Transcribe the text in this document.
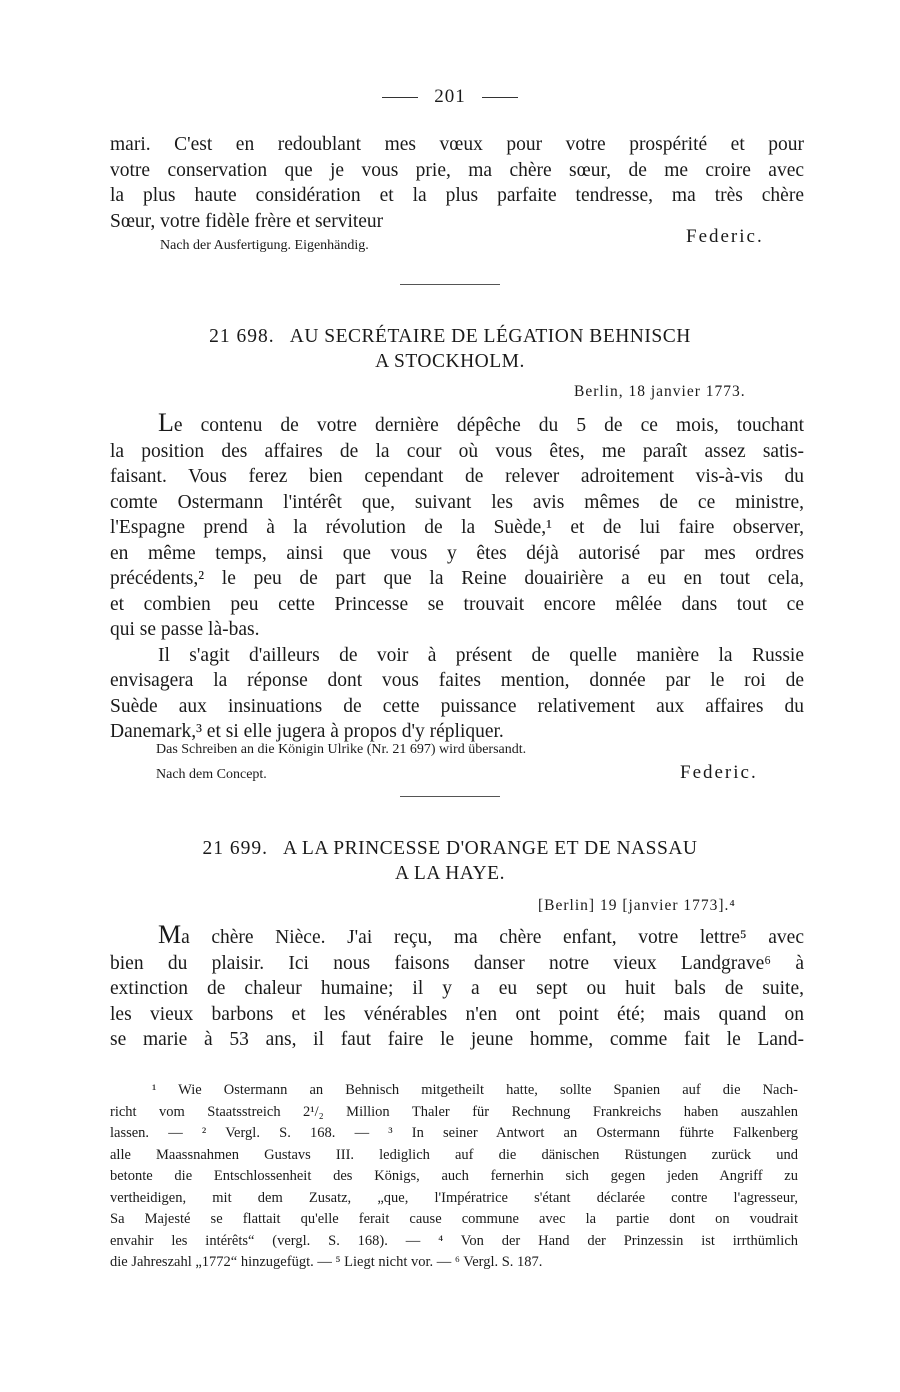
201
mari. C'est en redoublant mes vœux pour votre prospérité et pour
votre conservation que je vous prie, ma chère sœur, de me croire avec
la plus haute considération et la plus parfaite tendresse, ma très chère
Sœur, votre fidèle frère et serviteur
Federic.
Nach der Ausfertigung. Eigenhändig.
21 698. AU SECRÉTAIRE DE LÉGATION BEHNISCH
A STOCKHOLM.
Berlin, 18 janvier 1773.
Le contenu de votre dernière dépêche du 5 de ce mois, touchant
la position des affaires de la cour où vous êtes, me paraît assez satis-
faisant. Vous ferez bien cependant de relever adroitement vis-à-vis du
comte Ostermann l'intérêt que, suivant les avis mêmes de ce ministre,
l'Espagne prend à la révolution de la Suède,¹ et de lui faire observer,
en même temps, ainsi que vous y êtes déjà autorisé par mes ordres
précédents,² le peu de part que la Reine douairière a eu en tout cela,
et combien peu cette Princesse se trouvait encore mêlée dans tout ce
qui se passe là-bas.
Il s'agit d'ailleurs de voir à présent de quelle manière la Russie
envisagera la réponse dont vous faites mention, donnée par le roi de
Suède aux insinuations de cette puissance relativement aux affaires du
Danemark,³ et si elle jugera à propos d'y répliquer.
Das Schreiben an die Königin Ulrike (Nr. 21 697) wird übersandt.
Nach dem Concept.	Federic.
21 699. A LA PRINCESSE D'ORANGE ET DE NASSAU
A LA HAYE.
[Berlin] 19 [janvier 1773].⁴
Ma chère Nièce. J'ai reçu, ma chère enfant, votre lettre⁵ avec
bien du plaisir. Ici nous faisons danser notre vieux Landgrave⁶ à
extinction de chaleur humaine; il y a eu sept ou huit bals de suite,
les vieux barbons et les vénérables n'en ont point été; mais quand on
se marie à 53 ans, il faut faire le jeune homme, comme fait le Land-
¹ Wie Ostermann an Behnisch mitgetheilt hatte, sollte Spanien auf die Nach-
richt vom Staatsstreich 2¹/₂ Million Thaler für Rechnung Frankreichs haben auszahlen
lassen. — ² Vergl. S. 168. — ³ In seiner Antwort an Ostermann führte Falkenberg
alle Maassnahmen Gustavs III. lediglich auf die dänischen Rüstungen zurück und
betonte die Entschlossenheit des Königs, auch fernerhin sich gegen jeden Angriff zu
vertheidigen, mit dem Zusatz, „que, l'Impératrice s'étant déclarée contre l'agresseur,
Sa Majesté se flattait qu'elle ferait cause commune avec la partie dont on voudrait
envahir les intérêts“ (vergl. S. 168). — ⁴ Von der Hand der Prinzessin ist irrthümlich
die Jahreszahl „1772“ hinzugefügt. — ⁵ Liegt nicht vor. — ⁶ Vergl. S. 187.
